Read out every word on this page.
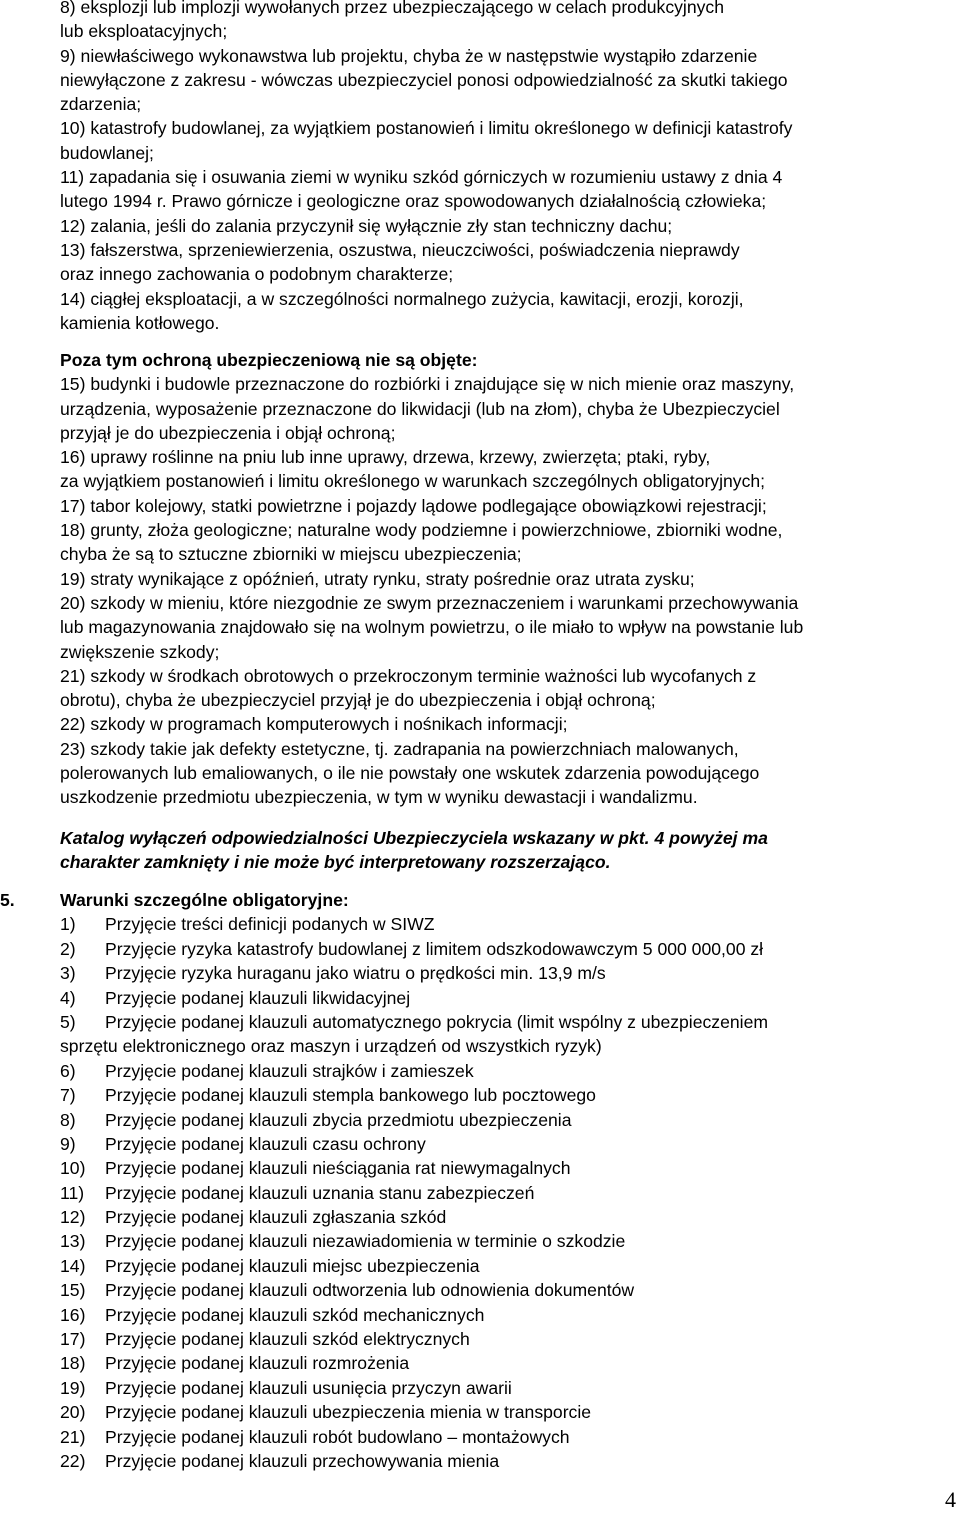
8) eksplozji lub implozji wywołanych przez ubezpieczającego w celach produkcyjnych

lub eksploatacyjnych;

9) niewłaściwego wykonawstwa lub projektu, chyba że w następstwie wystąpiło zdarzenie

niewyłączone z zakresu - wówczas ubezpieczyciel ponosi odpowiedzialność za skutki takiego

zdarzenia;

10) katastrofy budowlanej, za wyjątkiem postanowień i limitu określonego w definicji katastrofy

budowlanej;

11) zapadania się i osuwania ziemi w wyniku szkód górniczych w rozumieniu ustawy z dnia 4

lutego 1994 r. Prawo górnicze i geologiczne oraz spowodowanych działalnością człowieka;

12) zalania, jeśli do zalania przyczynił się wyłącznie zły stan techniczny dachu;

13) fałszerstwa, sprzeniewierzenia, oszustwa, nieuczciwości, poświadczenia nieprawdy

oraz innego zachowania o podobnym charakterze;

14) ciągłej eksploatacji, a w szczególności normalnego zużycia, kawitacji, erozji, korozji,

kamienia kotłowego.

Poza tym ochroną ubezpieczeniową nie są objęte:

15) budynki i budowle przeznaczone do rozbiórki i znajdujące się w nich mienie oraz maszyny,

urządzenia, wyposażenie przeznaczone do likwidacji (lub na złom), chyba że Ubezpieczyciel

przyjął je do ubezpieczenia i objął ochroną;

16) uprawy roślinne na pniu lub inne uprawy, drzewa, krzewy, zwierzęta; ptaki, ryby,

za wyjątkiem postanowień i limitu określonego w warunkach szczególnych obligatoryjnych;

17) tabor kolejowy, statki powietrzne i pojazdy lądowe podlegające obowiązkowi rejestracji;

18) grunty, złoża geologiczne; naturalne wody podziemne i powierzchniowe, zbiorniki wodne,

chyba że są to sztuczne zbiorniki w miejscu ubezpieczenia;

19) straty wynikające z opóźnień, utraty rynku, straty pośrednie oraz utrata zysku;

20) szkody w mieniu, które niezgodnie ze swym przeznaczeniem i warunkami przechowywania

lub magazynowania znajdowało się na wolnym powietrzu, o ile miało to wpływ na powstanie lub

zwiększenie szkody;

21) szkody w środkach obrotowych o przekroczonym terminie ważności lub wycofanych z

obrotu), chyba że ubezpieczyciel przyjął je do ubezpieczenia i objął ochroną;

22) szkody w programach komputerowych i nośnikach informacji;

23) szkody takie jak defekty estetyczne, tj. zadrapania na powierzchniach malowanych,

polerowanych lub emaliowanych, o ile nie powstały one wskutek zdarzenia powodującego

uszkodzenie przedmiotu ubezpieczenia, w tym w wyniku dewastacji i wandalizmu.

Katalog wyłączeń odpowiedzialności Ubezpieczyciela wskazany w pkt. 4 powyżej ma

charakter zamknięty i nie może być interpretowany rozszerzająco.

5.	Warunki szczególne obligatoryjne:
1) Przyjęcie treści definicji podanych w SIWZ
2) Przyjęcie ryzyka katastrofy budowlanej z limitem odszkodowawczym 5 000 000,00 zł
3) Przyjęcie ryzyka huraganu jako wiatru o prędkości min. 13,9 m/s
4) Przyjęcie podanej klauzuli likwidacyjnej
5) Przyjęcie podanej klauzuli automatycznego pokrycia (limit wspólny z ubezpieczeniem
sprzętu elektronicznego oraz maszyn i urządzeń od wszystkich ryzyk)
6) Przyjęcie podanej klauzuli strajków i zamieszek
7) Przyjęcie podanej klauzuli stempla bankowego lub pocztowego
8) Przyjęcie podanej klauzuli zbycia przedmiotu ubezpieczenia
9) Przyjęcie podanej klauzuli czasu ochrony
10) Przyjęcie podanej klauzuli nieściągania rat niewymagalnych
11) Przyjęcie podanej klauzuli uznania stanu zabezpieczeń
12) Przyjęcie podanej klauzuli zgłaszania szkód
13) Przyjęcie podanej klauzuli niezawiadomienia w terminie o szkodzie
14) Przyjęcie podanej klauzuli miejsc ubezpieczenia
15) Przyjęcie podanej klauzuli odtworzenia lub odnowienia dokumentów
16) Przyjęcie podanej klauzuli szkód mechanicznych
17) Przyjęcie podanej klauzuli szkód elektrycznych
18) Przyjęcie podanej klauzuli rozmrożenia
19) Przyjęcie podanej klauzuli usunięcia przyczyn awarii
20) Przyjęcie podanej klauzuli ubezpieczenia mienia w transporcie
21) Przyjęcie podanej klauzuli robót budowlano – montażowych
22) Przyjęcie podanej klauzuli przechowywania mienia
4
